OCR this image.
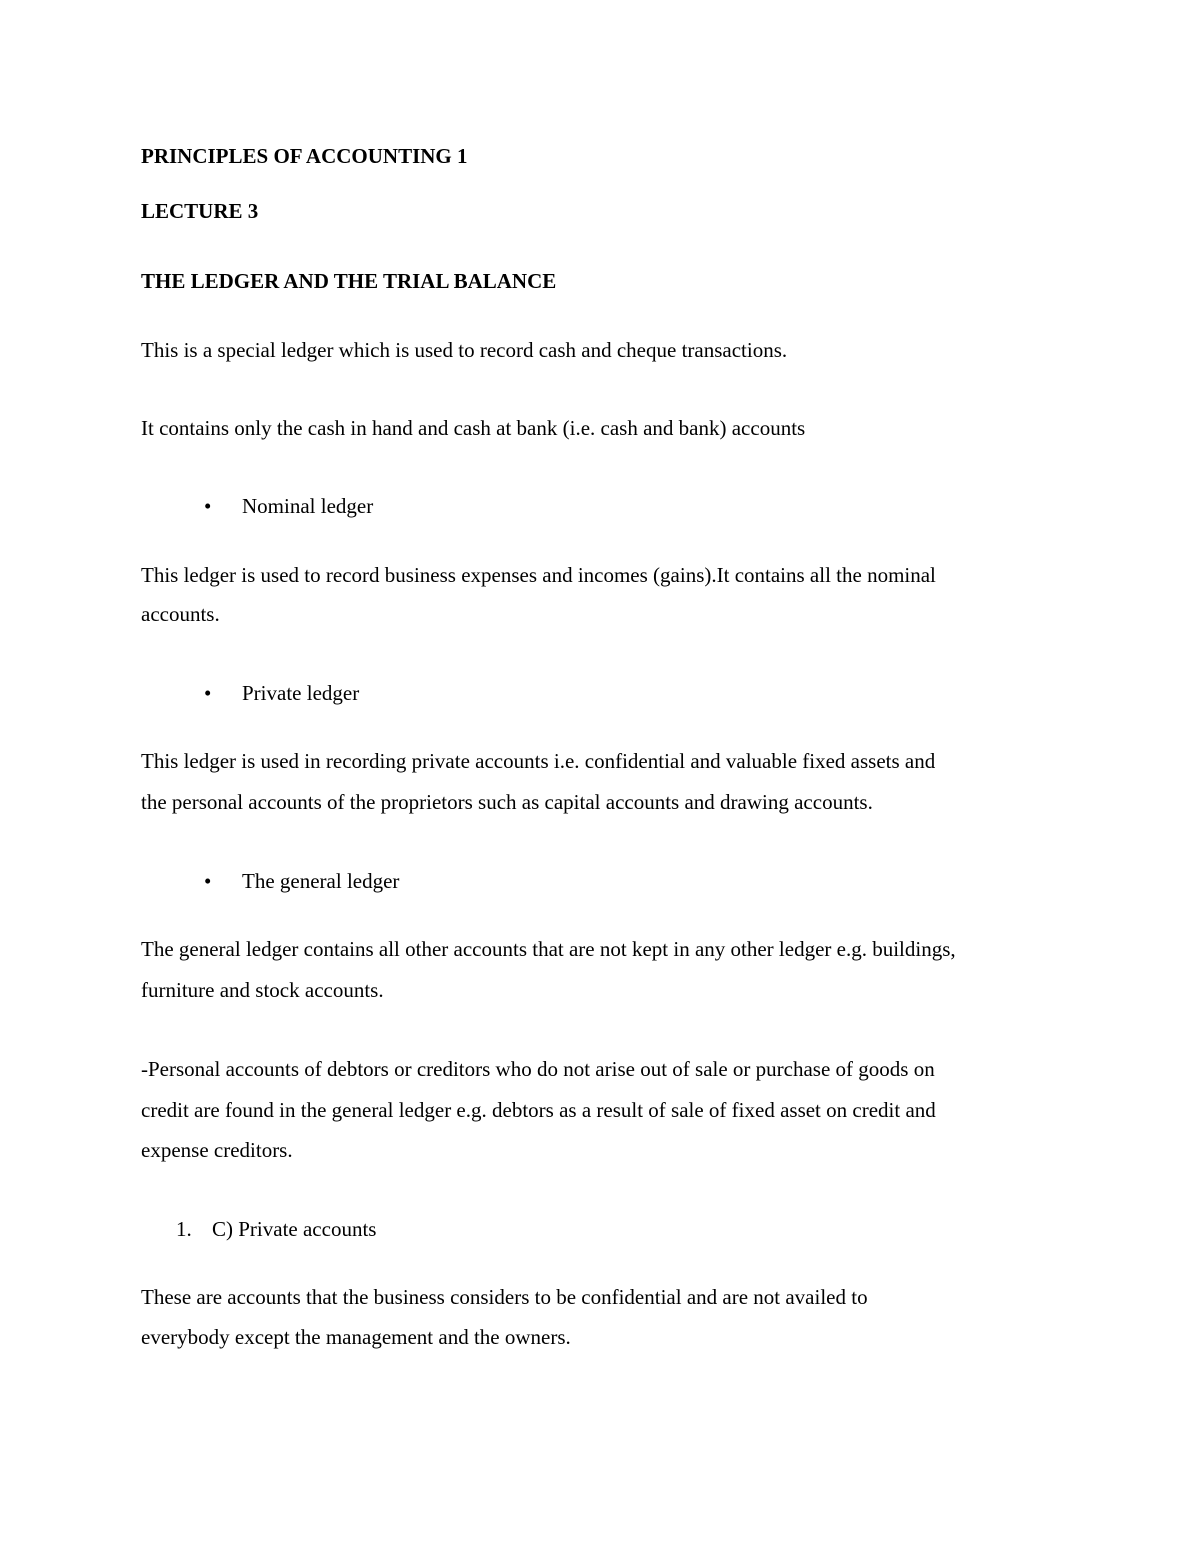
PRINCIPLES OF ACCOUNTING 1
LECTURE 3
THE LEDGER AND THE TRIAL BALANCE
This is a special ledger which is used to record cash and cheque transactions.
It contains only the cash in hand and cash at bank (i.e. cash and bank) accounts
• Nominal ledger
This ledger is used to record business expenses and incomes (gains).It contains all the nominal
accounts.
• Private ledger
This ledger is used in recording private accounts i.e. confidential and valuable fixed assets and
the personal accounts of the proprietors such as capital accounts and drawing accounts.
• The general ledger
The general ledger contains all other accounts that are not kept in any other ledger e.g. buildings,
furniture and stock accounts.
-Personal accounts of debtors or creditors who do not arise out of sale or purchase of goods on
credit are found in the general ledger e.g. debtors as a result of sale of fixed asset on credit and
expense creditors.
1. C) Private accounts
These are accounts that the business considers to be confidential and are not availed to
everybody except the management and the owners.
